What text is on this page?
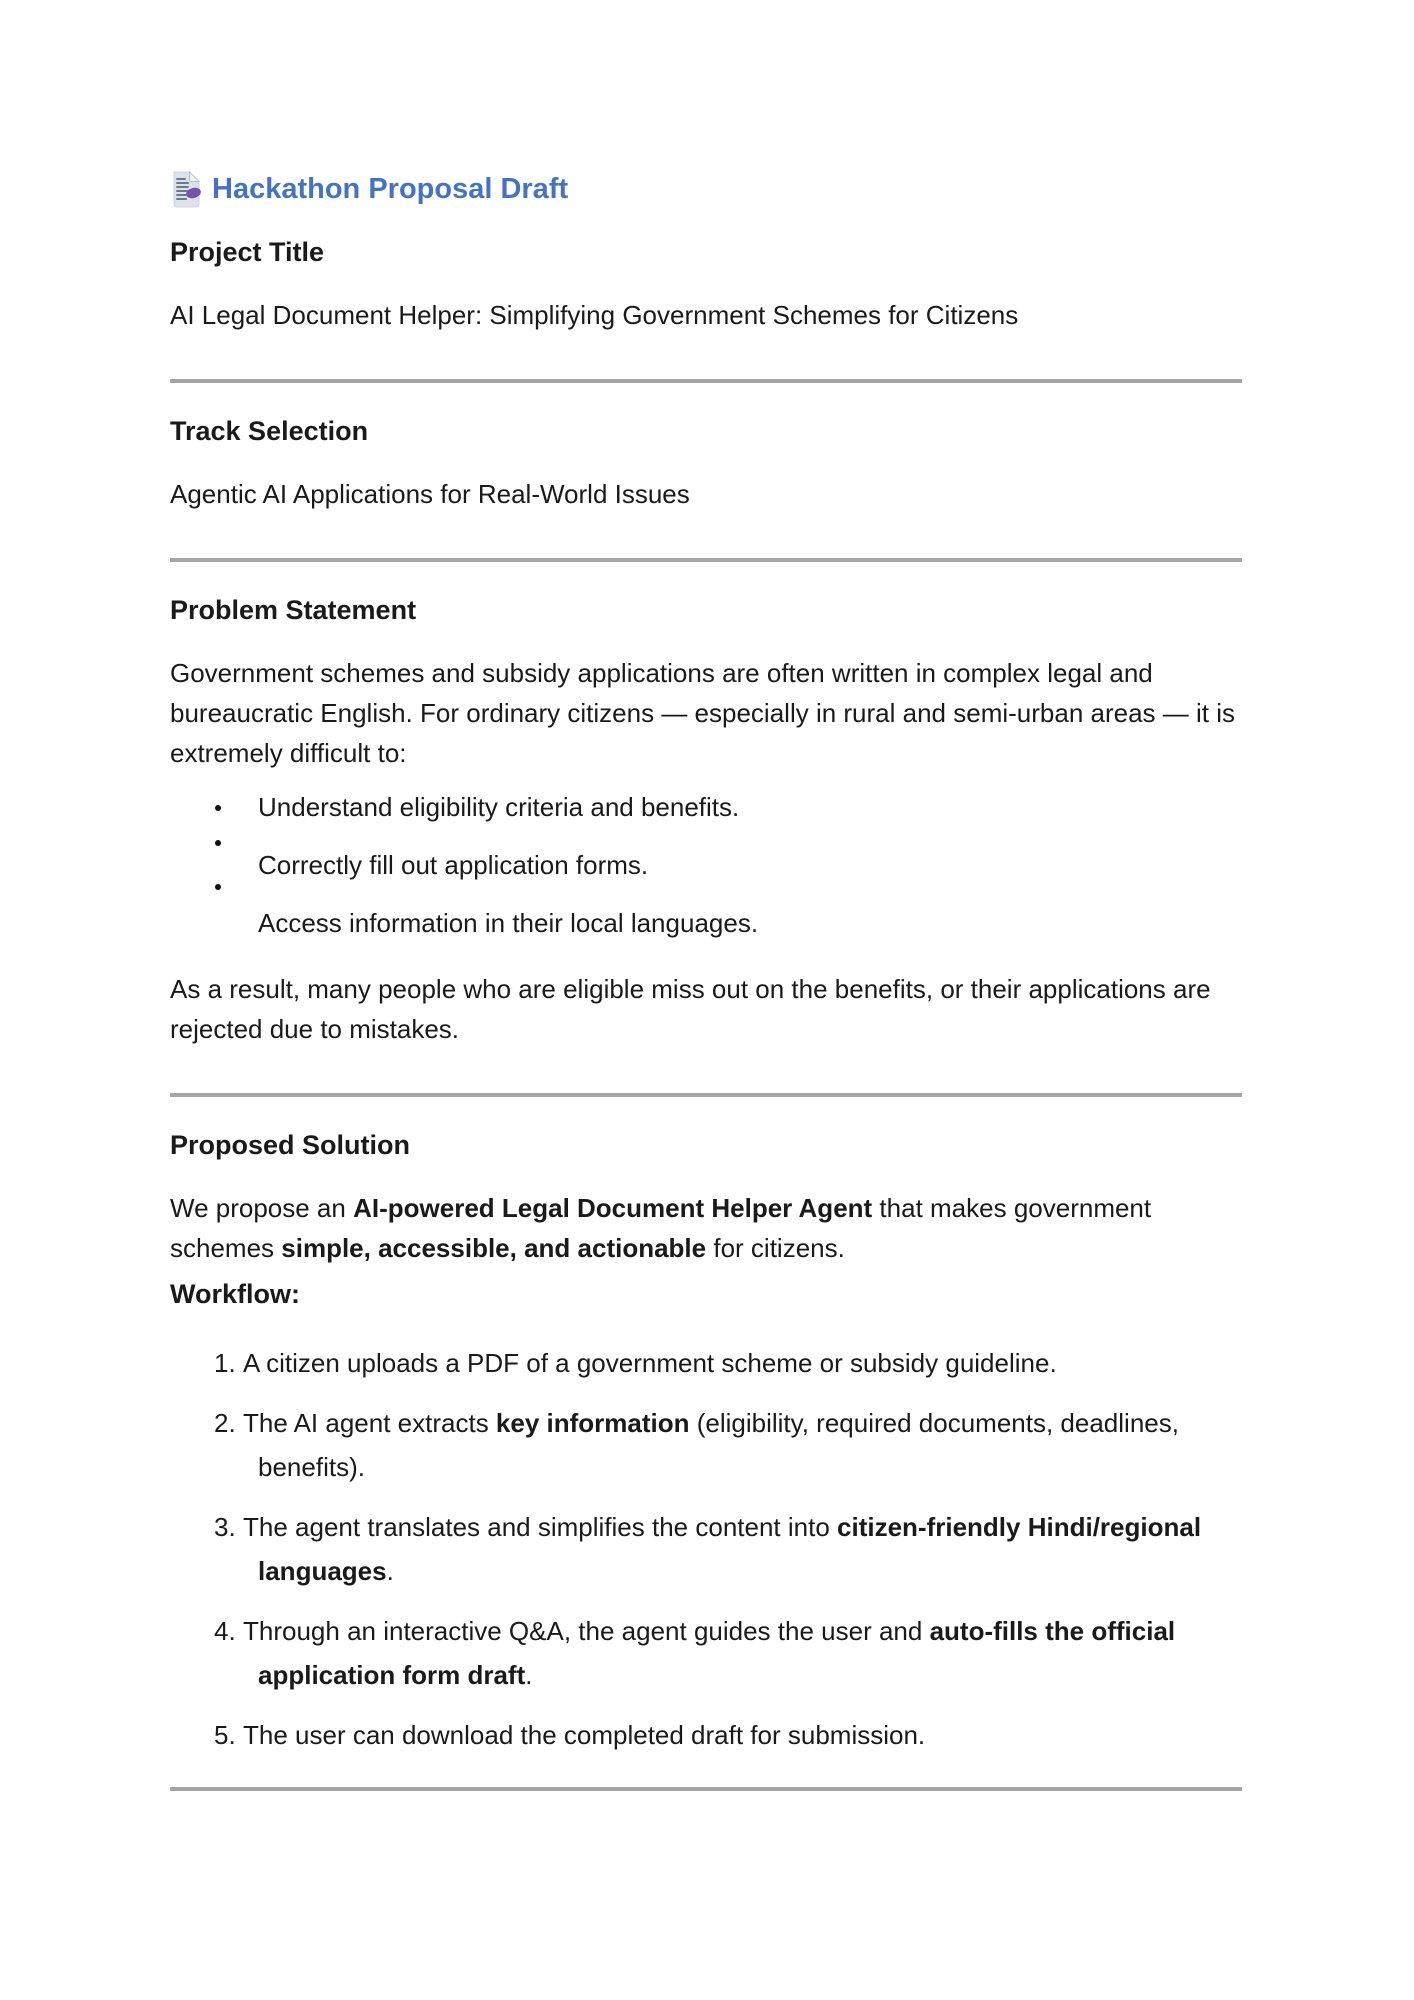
Hackathon Proposal Draft
Project Title

AI Legal Document Helper: Simplifying Government Schemes for Citizens

Track Selection

Agentic AI Applications for Real-World Issues

Problem Statement

Government schemes and subsidy applications are often written in complex legal and bureaucratic English. For ordinary citizens — especially in rural and semi-urban areas — it is extremely difficult to:

Understand eligibility criteria and benefits.
Correctly fill out application forms.
Access information in their local languages.

As a result, many people who are eligible miss out on the benefits, or their applications are rejected due to mistakes.

Proposed Solution

We propose an AI-powered Legal Document Helper Agent that makes government schemes simple, accessible, and actionable for citizens.

Workflow:
1. A citizen uploads a PDF of a government scheme or subsidy guideline.
2. The AI agent extracts key information (eligibility, required documents, deadlines, benefits).
3. The agent translates and simplifies the content into citizen-friendly Hindi/regional languages.
4. Through an interactive Q&A, the agent guides the user and auto-fills the official application form draft.
5. The user can download the completed draft for submission.
